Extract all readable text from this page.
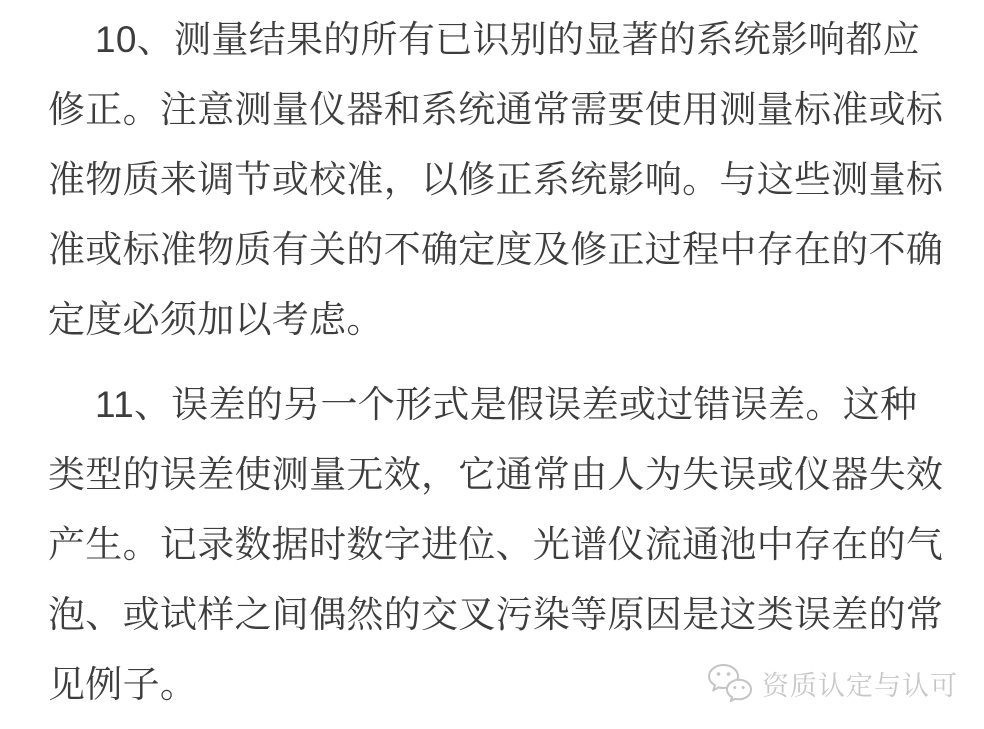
10、测量结果的所有已识别的显著的系统影响都应
修正。注意测量仪器和系统通常需要使用测量标准或标
准物质来调节或校准，以修正系统影响。与这些测量标
准或标准物质有关的不确定度及修正过程中存在的不确
定度必须加以考虑。

11、误差的另一个形式是假误差或过错误差。这种
类型的误差使测量无效，它通常由人为失误或仪器失效
产生。记录数据时数字进位、光谱仪流通池中存在的气
泡、或试样之间偶然的交叉污染等原因是这类误差的常
见例子。	资质认定与认可
